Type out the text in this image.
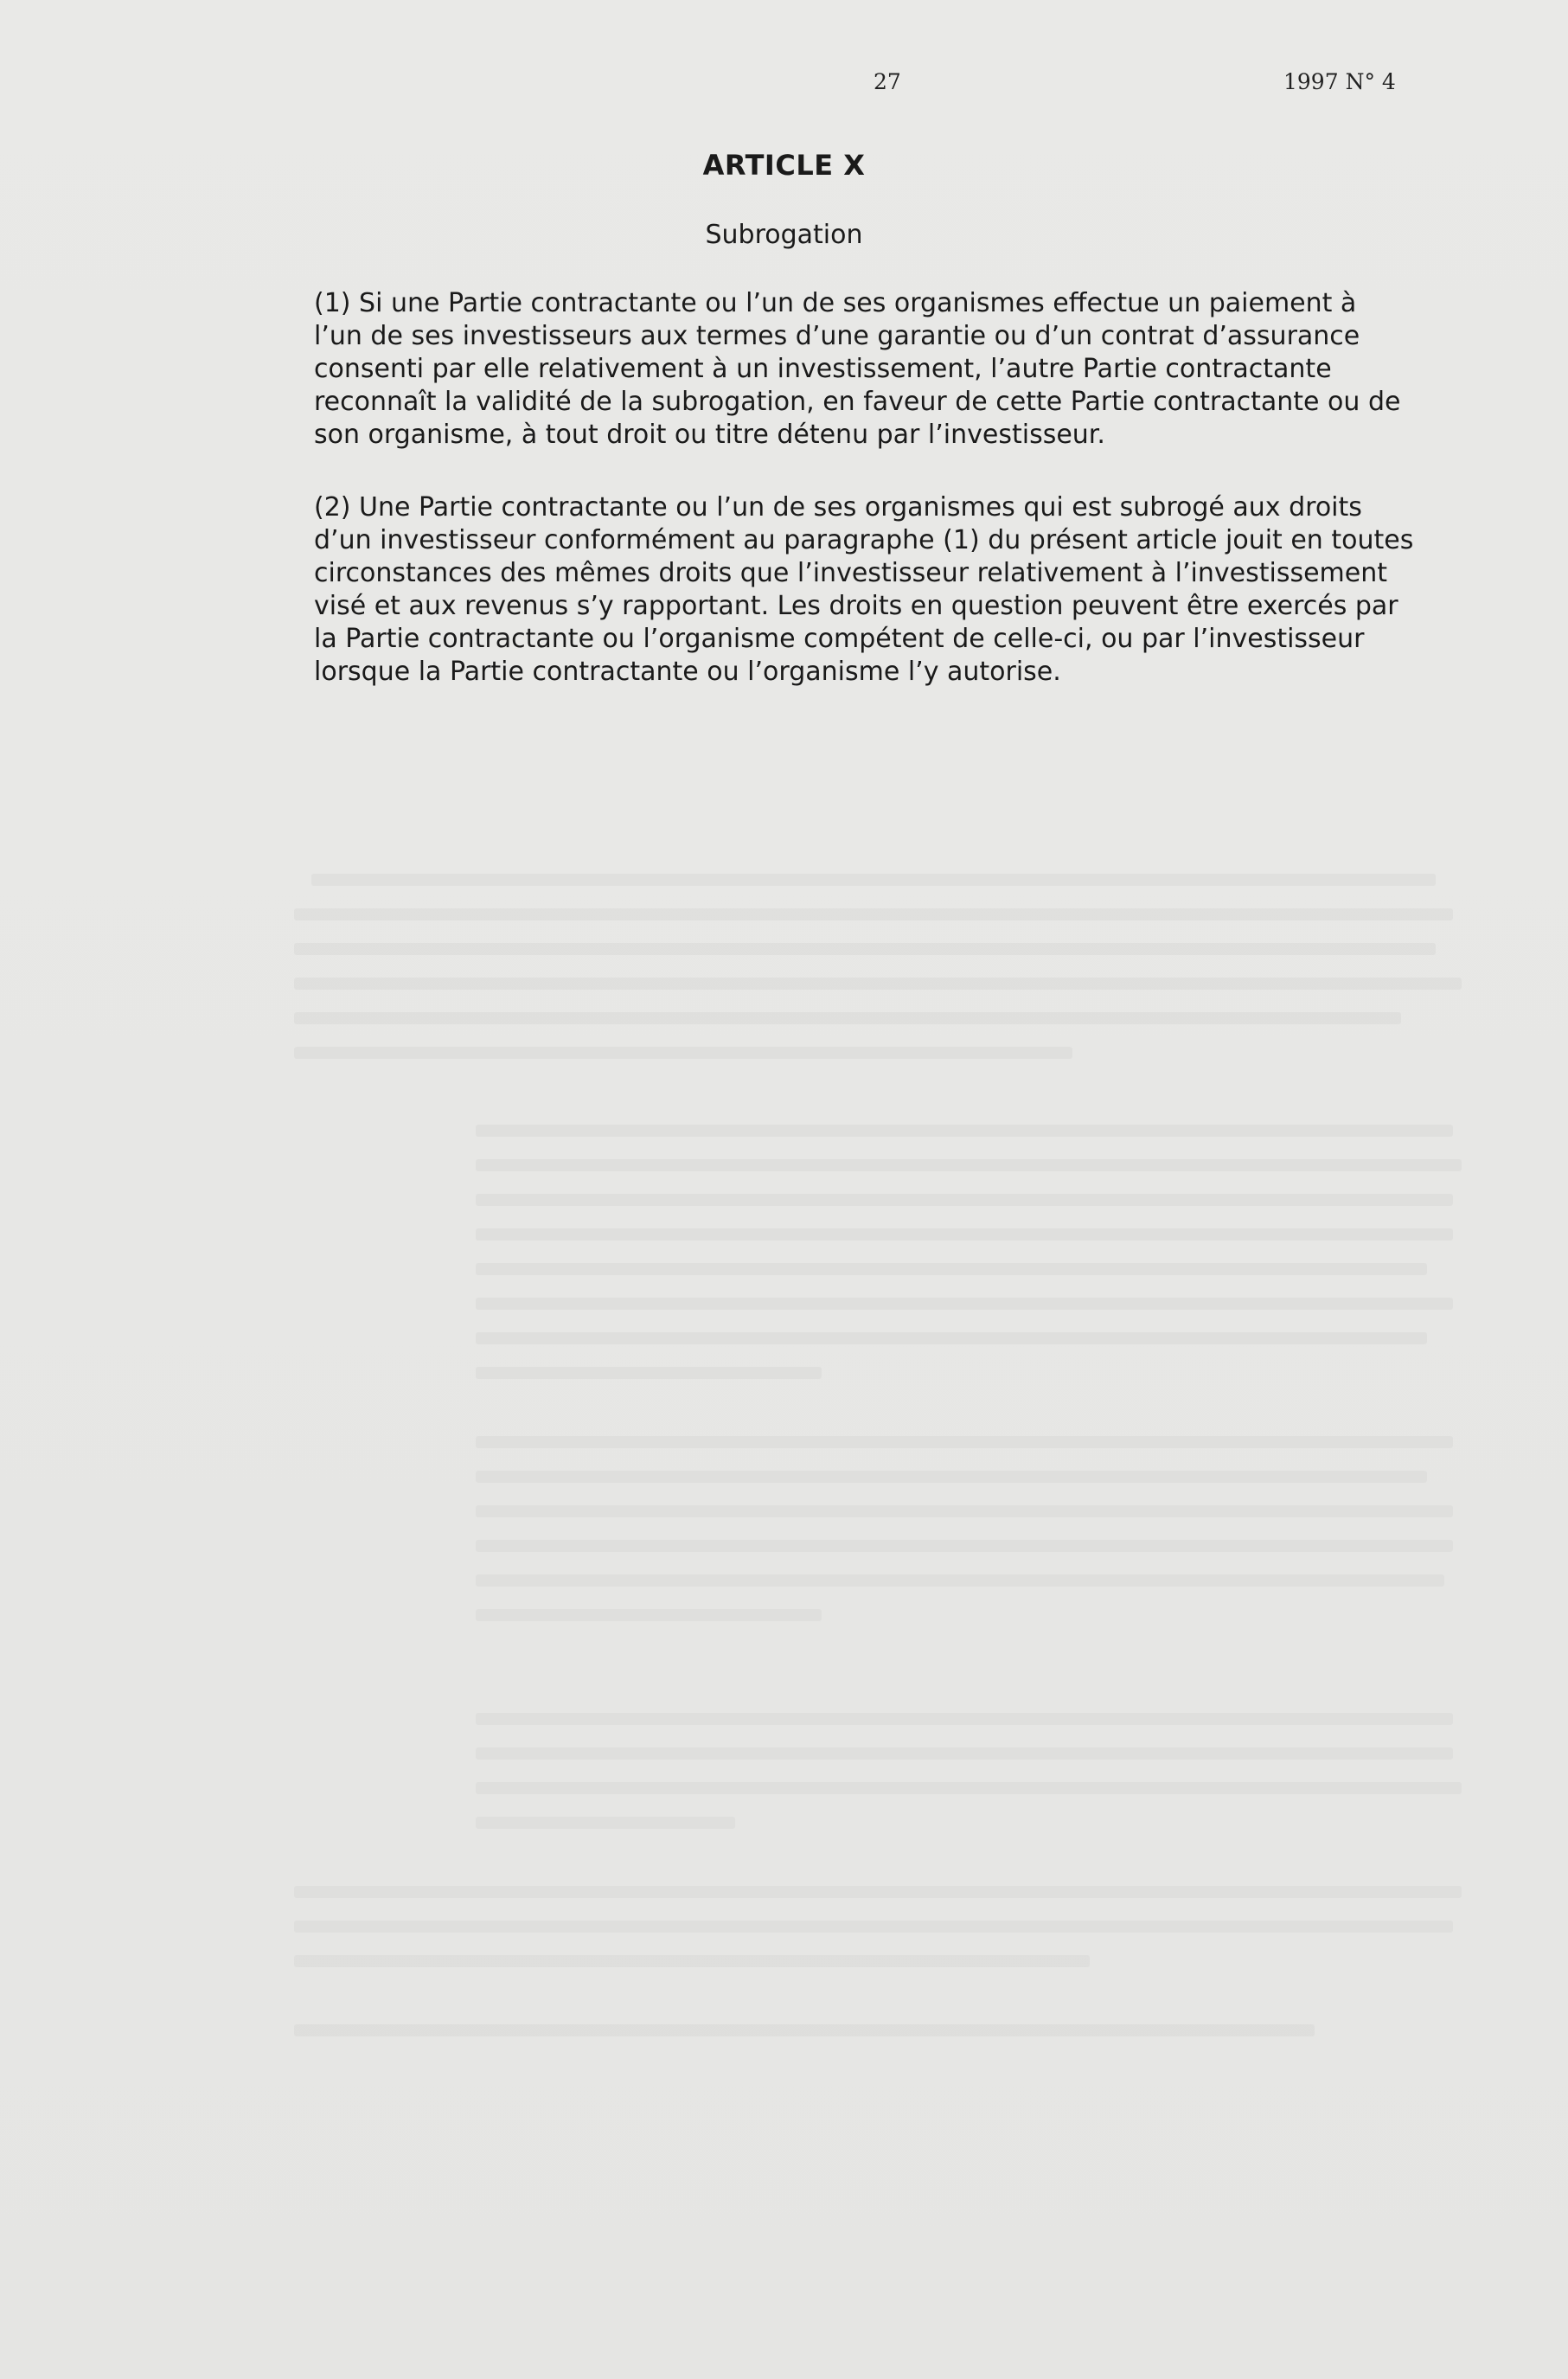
27	1997 N° 4
ARTICLE X
Subrogation

(1) Si une Partie contractante ou l’un de ses organismes effectue un paiement à
l’un de ses investisseurs aux termes d’une garantie ou d’un contrat d’assurance
consenti par elle relativement à un investissement, l’autre Partie contractante
reconnaît la validité de la subrogation, en faveur de cette Partie contractante ou de
son organisme, à tout droit ou titre détenu par l’investisseur.

(2) Une Partie contractante ou l’un de ses organismes qui est subrogé aux droits
d’un investisseur conformément au paragraphe (1) du présent article jouit en toutes
circonstances des mêmes droits que l’investisseur relativement à l’investissement
visé et aux revenus s’y rapportant. Les droits en question peuvent être exercés par
la Partie contractante ou l’organisme compétent de celle-ci, ou par l’investisseur
lorsque la Partie contractante ou l’organisme l’y autorise.
